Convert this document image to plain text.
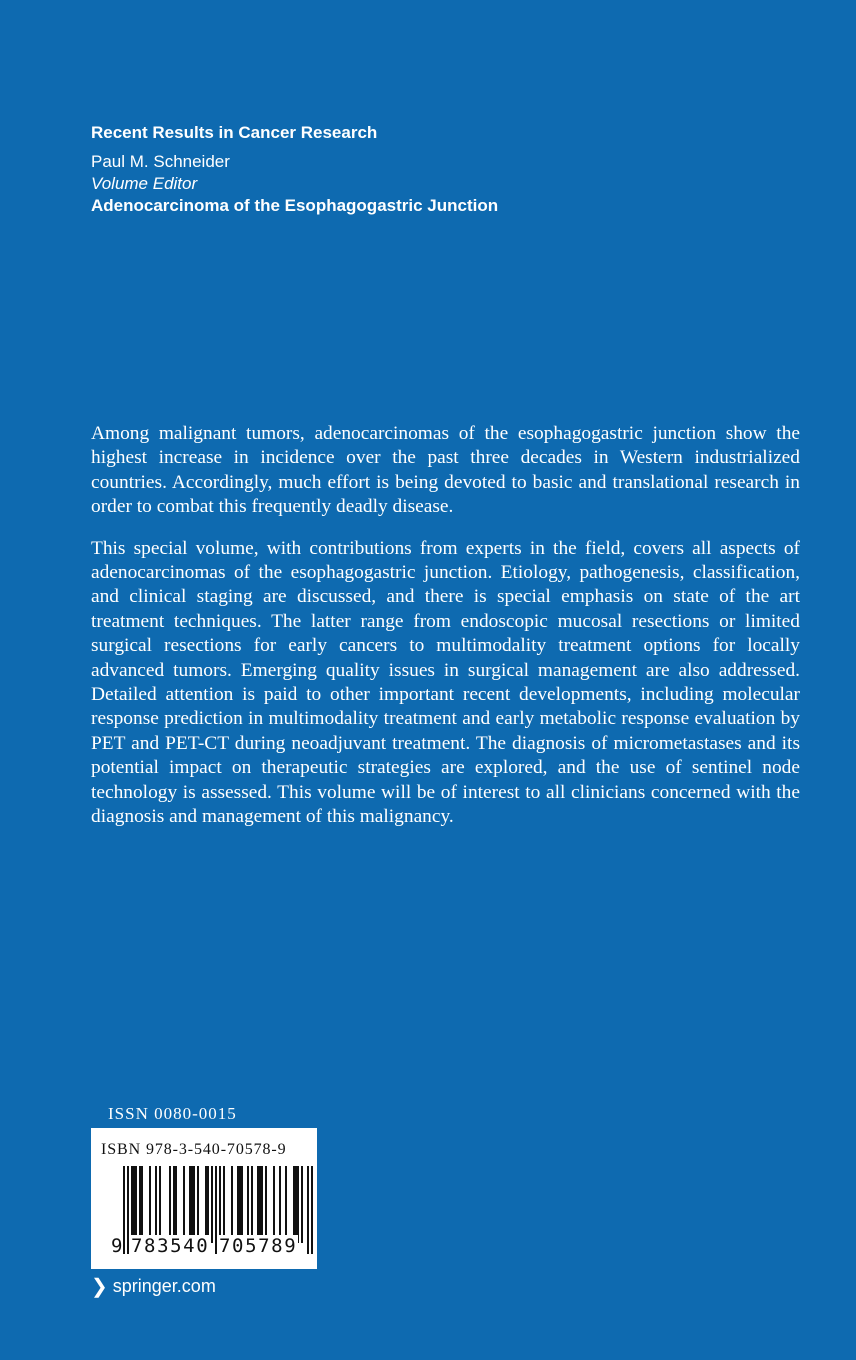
Recent Results in Cancer Research
Paul M. Schneider
Volume Editor
Adenocarcinoma of the Esophagogastric Junction

Among malignant tumors, adenocarcinomas of the esophagogastric junction show the highest increase in incidence over the past three decades in Western industrialized countries. Accordingly, much effort is being devoted to basic and translational research in order to combat this frequently deadly disease.

This special volume, with contributions from experts in the field, covers all aspects of adenocarcinomas of the esophagogastric junction. Etiology, pathogenesis, classification, and clinical staging are discussed, and there is special emphasis on state of the art treatment techniques. The latter range from endoscopic mucosal resections or limited surgical resections for early cancers to multimodality treatment options for locally advanced tumors. Emerging quality issues in surgical management are also addressed. Detailed attention is paid to other important recent developments, including molecular response prediction in multimodality treatment and early metabolic response evaluation by PET and PET-CT during neoadjuvant treatment. The diagnosis of micrometastases and its potential impact on therapeutic strategies are explored, and the use of sentinel node technology is assessed. This volume will be of interest to all clinicians concerned with the diagnosis and management of this malignancy.

ISSN 0080-0015
ISBN 978-3-540-70578-9
9 783540 705789
❯ springer.com
